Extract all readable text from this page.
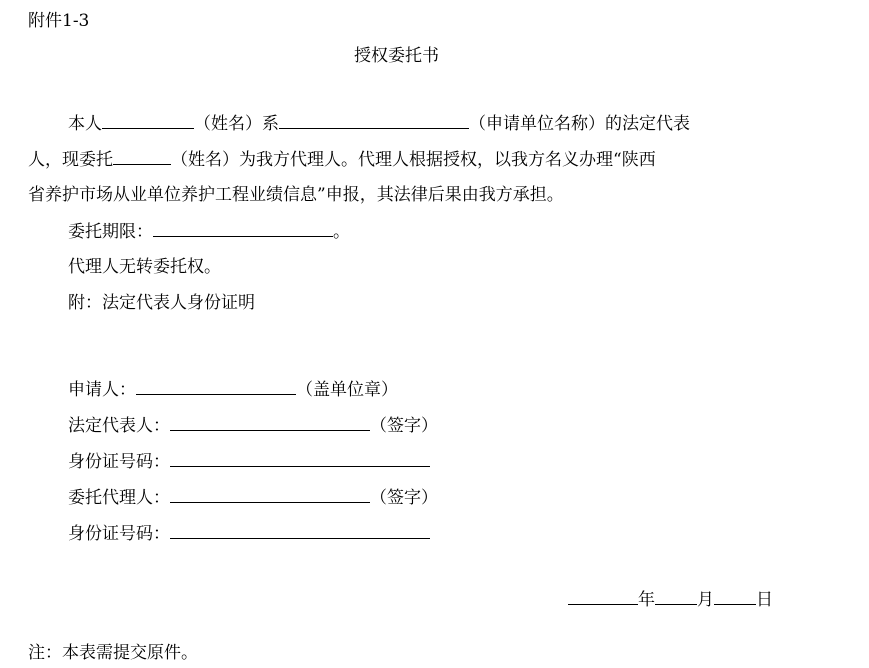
附件1-3
授权委托书
本人	（姓名）系	（申请单位名称）的法定代表
人，现委托	（姓名）为我方代理人。代理人根据授权，以我方名义办理“陕西
省养护市场从业单位养护工程业绩信息”申报，其法律后果由我方承担。
委托期限：	。
代理人无转委托权。
附：法定代表人身份证明
申请人：	（盖单位章）
法定代表人：	（签字）
身份证号码：
委托代理人：	（签字）
身份证号码：
年 月 日
注：本表需提交原件。
